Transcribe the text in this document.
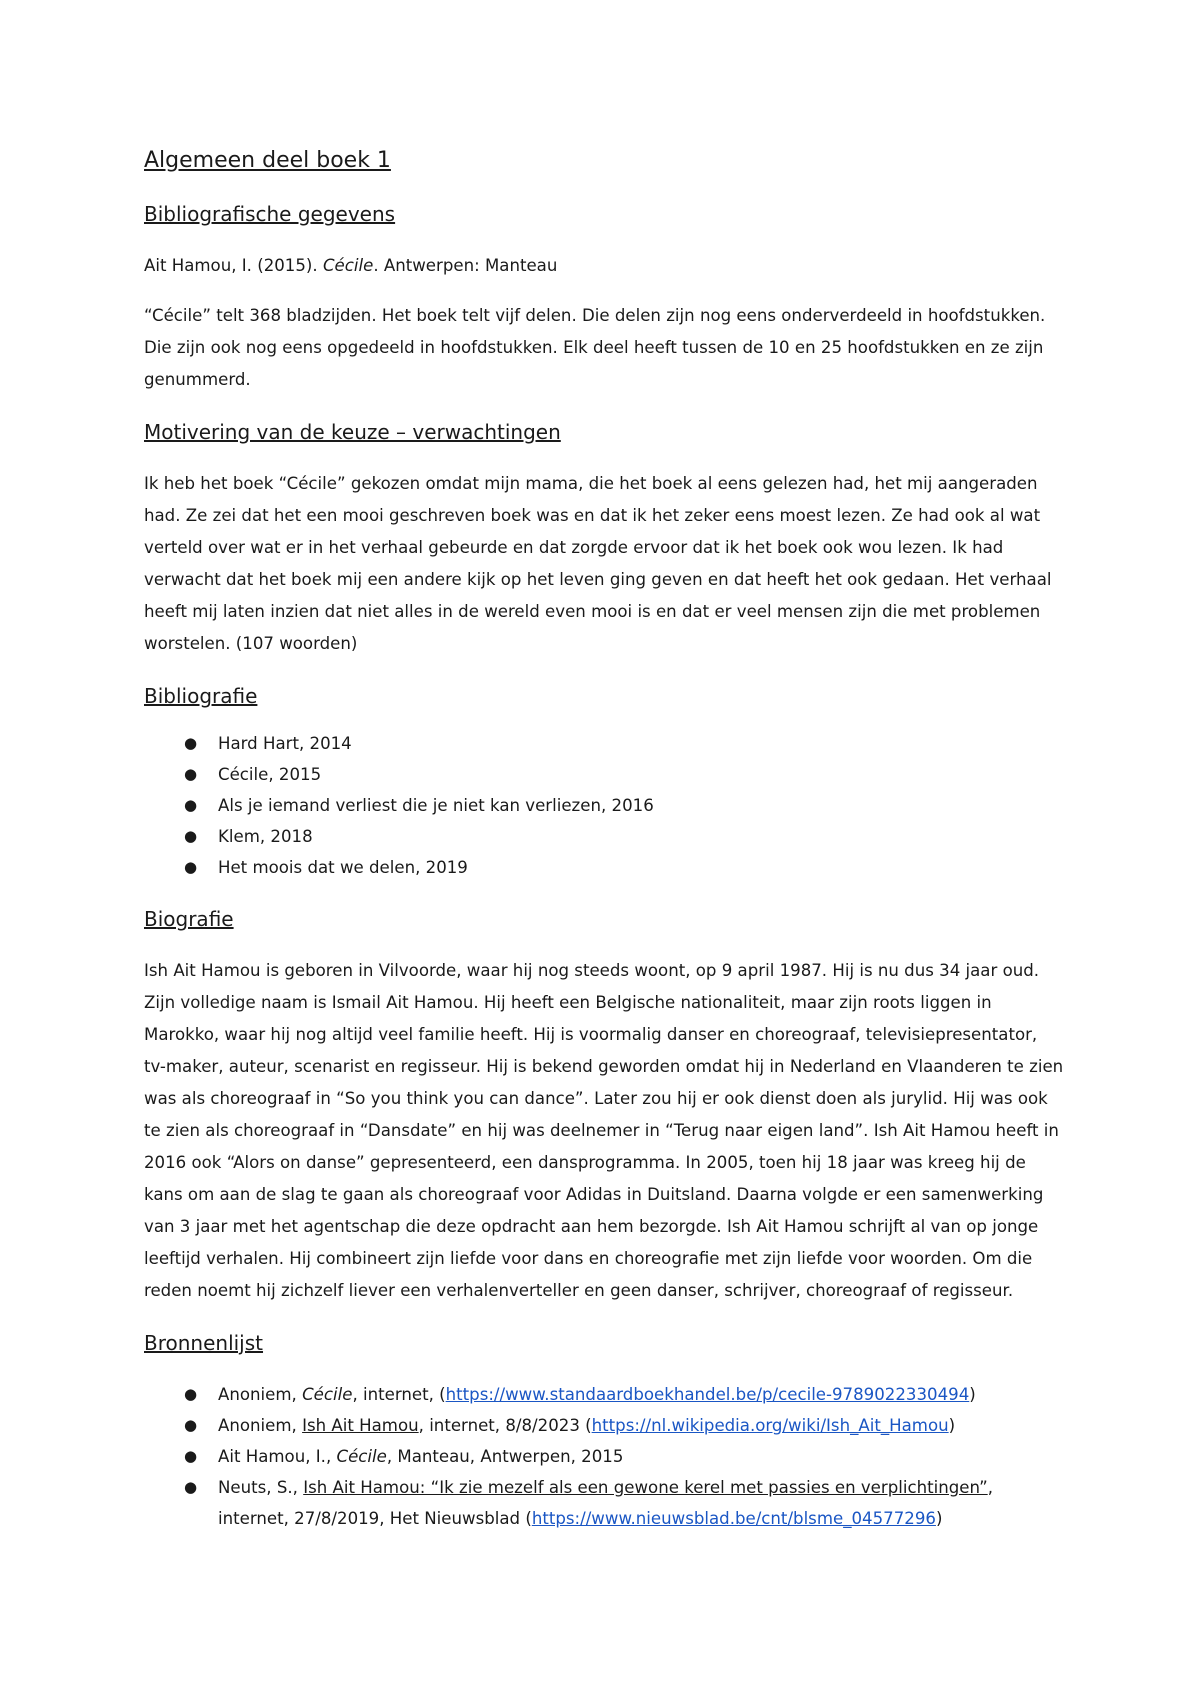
Algemeen deel boek 1
Bibliografische gegevens

Ait Hamou, I. (2015). Cécile. Antwerpen: Manteau

“Cécile” telt 368 bladzijden. Het boek telt vijf delen. Die delen zijn nog eens onderverdeeld in hoofdstukken. Die zijn ook nog eens opgedeeld in hoofdstukken. Elk deel heeft tussen de 10 en 25 hoofdstukken en ze zijn genummerd.

Motivering van de keuze – verwachtingen

Ik heb het boek “Cécile” gekozen omdat mijn mama, die het boek al eens gelezen had, het mij aangeraden had. Ze zei dat het een mooi geschreven boek was en dat ik het zeker eens moest lezen. Ze had ook al wat verteld over wat er in het verhaal gebeurde en dat zorgde ervoor dat ik het boek ook wou lezen. Ik had verwacht dat het boek mij een andere kijk op het leven ging geven en dat heeft het ook gedaan. Het verhaal heeft mij laten inzien dat niet alles in de wereld even mooi is en dat er veel mensen zijn die met problemen worstelen. (107 woorden)

Bibliografie
● Hard Hart, 2014
● Cécile, 2015
● Als je iemand verliest die je niet kan verliezen, 2016
● Klem, 2018
● Het moois dat we delen, 2019
Biografie

Ish Ait Hamou is geboren in Vilvoorde, waar hij nog steeds woont, op 9 april 1987. Hij is nu dus 34 jaar oud. Zijn volledige naam is Ismail Ait Hamou. Hij heeft een Belgische nationaliteit, maar zijn roots liggen in Marokko, waar hij nog altijd veel familie heeft. Hij is voormalig danser en choreograaf, televisiepresentator, tv-maker, auteur, scenarist en regisseur. Hij is bekend geworden omdat hij in Nederland en Vlaanderen te zien was als choreograaf in “So you think you can dance”. Later zou hij er ook dienst doen als jurylid. Hij was ook te zien als choreograaf in “Dansdate” en hij was deelnemer in “Terug naar eigen land”. Ish Ait Hamou heeft in 2016 ook “Alors on danse” gepresenteerd, een dansprogramma. In 2005, toen hij 18 jaar was kreeg hij de kans om aan de slag te gaan als choreograaf voor Adidas in Duitsland. Daarna volgde er een samenwerking van 3 jaar met het agentschap die deze opdracht aan hem bezorgde. Ish Ait Hamou schrijft al van op jonge leeftijd verhalen. Hij combineert zijn liefde voor dans en choreografie met zijn liefde voor woorden. Om die reden noemt hij zichzelf liever een verhalenverteller en geen danser, schrijver, choreograaf of regisseur.

Bronnenlijst
● Anoniem, Cécile, internet, (https://www.standaardboekhandel.be/p/cecile-9789022330494)
● Anoniem, Ish Ait Hamou, internet, 8/8/2023 (https://nl.wikipedia.org/wiki/Ish_Ait_Hamou)
● Ait Hamou, I., Cécile, Manteau, Antwerpen, 2015
● Neuts, S., Ish Ait Hamou: “Ik zie mezelf als een gewone kerel met passies en verplichtingen”, internet, 27/8/2019, Het Nieuwsblad (https://www.nieuwsblad.be/cnt/blsme_04577296)
